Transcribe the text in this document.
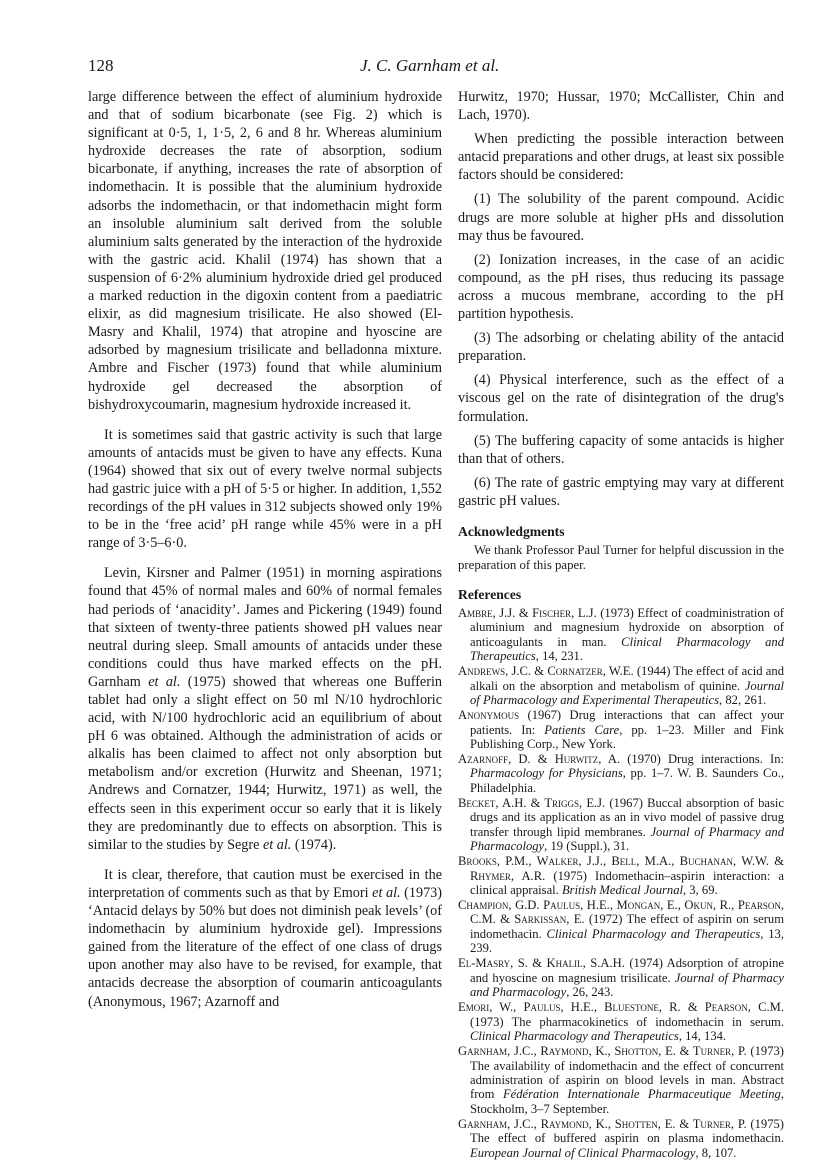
128	J. C. Garnham et al.

large difference between the effect of aluminium hydroxide and that of sodium bicarbonate (see Fig. 2) which is significant at 0·5, 1, 1·5, 2, 6 and 8 hr. Whereas aluminium hydroxide decreases the rate of absorption, sodium bicarbonate, if anything, increases the rate of absorption of indomethacin. It is possible that the aluminium hydroxide adsorbs the indomethacin, or that indomethacin might form an insoluble aluminium salt derived from the soluble aluminium salts generated by the interaction of the hydroxide with the gastric acid. Khalil (1974) has shown that a suspension of 6·2% aluminium hydroxide dried gel produced a marked reduction in the digoxin content from a paediatric elixir, as did magnesium trisilicate. He also showed (El-Masry and Khalil, 1974) that atropine and hyoscine are adsorbed by magnesium trisilicate and belladonna mixture. Ambre and Fischer (1973) found that while aluminium hydroxide gel decreased the absorption of bishydroxycoumarin, magnesium hydroxide increased it.

It is sometimes said that gastric activity is such that large amounts of antacids must be given to have any effects. Kuna (1964) showed that six out of every twelve normal subjects had gastric juice with a pH of 5·5 or higher. In addition, 1,552 recordings of the pH values in 312 subjects showed only 19% to be in the ‘free acid’ pH range while 45% were in a pH range of 3·5–6·0.

Levin, Kirsner and Palmer (1951) in morning aspirations found that 45% of normal males and 60% of normal females had periods of ‘anacidity’. James and Pickering (1949) found that sixteen of twenty-three patients showed pH values near neutral during sleep. Small amounts of antacids under these conditions could thus have marked effects on the pH. Garnham et al. (1975) showed that whereas one Bufferin tablet had only a slight effect on 50 ml N/10 hydrochloric acid, with N/100 hydrochloric acid an equilibrium of about pH 6 was obtained. Although the administration of acids or alkalis has been claimed to affect not only absorption but metabolism and/or excretion (Hurwitz and Sheenan, 1971; Andrews and Cornatzer, 1944; Hurwitz, 1971) as well, the effects seen in this experiment occur so early that it is likely they are predominantly due to effects on absorption. This is similar to the studies by Segre et al. (1974).

It is clear, therefore, that caution must be exercised in the interpretation of comments such as that by Emori et al. (1973) ‘Antacid delays by 50% but does not diminish peak levels’ (of indomethacin by aluminium hydroxide gel). Impressions gained from the literature of the effect of one class of drugs upon another may also have to be revised, for example, that antacids decrease the absorption of coumarin anticoagulants (Anonymous, 1967; Azarnoff and

Hurwitz, 1970; Hussar, 1970; McCallister, Chin and Lach, 1970).

When predicting the possible interaction between antacid preparations and other drugs, at least six possible factors should be considered:

(1) The solubility of the parent compound. Acidic drugs are more soluble at higher pHs and dissolution may thus be favoured.

(2) Ionization increases, in the case of an acidic compound, as the pH rises, thus reducing its passage across a mucous membrane, according to the pH partition hypothesis.

(3) The adsorbing or chelating ability of the antacid preparation.

(4) Physical interference, such as the effect of a viscous gel on the rate of disintegration of the drug's formulation.

(5) The buffering capacity of some antacids is higher than that of others.

(6) The rate of gastric emptying may vary at different gastric pH values.

Acknowledgments

We thank Professor Paul Turner for helpful discussion in the preparation of this paper.

References

Ambre, J.J. & Fischer, L.J. (1973) Effect of coadministration of aluminium and magnesium hydroxide on absorption of anticoagulants in man. Clinical Pharmacology and Therapeutics, 14, 231.

Andrews, J.C. & Cornatzer, W.E. (1944) The effect of acid and alkali on the absorption and metabolism of quinine. Journal of Pharmacology and Experimental Therapeutics, 82, 261.

Anonymous (1967) Drug interactions that can affect your patients. In: Patients Care, pp. 1–23. Miller and Fink Publishing Corp., New York.

Azarnoff, D. & Hurwitz, A. (1970) Drug interactions. In: Pharmacology for Physicians, pp. 1–7. W. B. Saunders Co., Philadelphia.

Becket, A.H. & Triggs, E.J. (1967) Buccal absorption of basic drugs and its application as an in vivo model of passive drug transfer through lipid membranes. Journal of Pharmacy and Pharmacology, 19 (Suppl.), 31.

Brooks, P.M., Walker, J.J., Bell, M.A., Buchanan, W.W. & Rhymer, A.R. (1975) Indomethacin–aspirin interaction: a clinical appraisal. British Medical Journal, 3, 69.

Champion, G.D. Paulus, H.E., Mongan, E., Okun, R., Pearson, C.M. & Sarkissan, E. (1972) The effect of aspirin on serum indomethacin. Clinical Pharmacology and Therapeutics, 13, 239.

El-Masry, S. & Khalil, S.A.H. (1974) Adsorption of atropine and hyoscine on magnesium trisilicate. Journal of Pharmacy and Pharmacology, 26, 243.

Emori, W., Paulus, H.E., Bluestone, R. & Pearson, C.M. (1973) The pharmacokinetics of indomethacin in serum. Clinical Pharmacology and Therapeutics, 14, 134.

Garnham, J.C., Raymond, K., Shotton, E. & Turner, P. (1973) The availability of indomethacin and the effect of concurrent administration of aspirin on blood levels in man. Abstract from Fédération Internationale Pharmaceutique Meeting, Stockholm, 3–7 September.

Garnham, J.C., Raymond, K., Shotten, E. & Turner, P. (1975) The effect of buffered aspirin on plasma indomethacin. European Journal of Clinical Pharmacology, 8, 107.
